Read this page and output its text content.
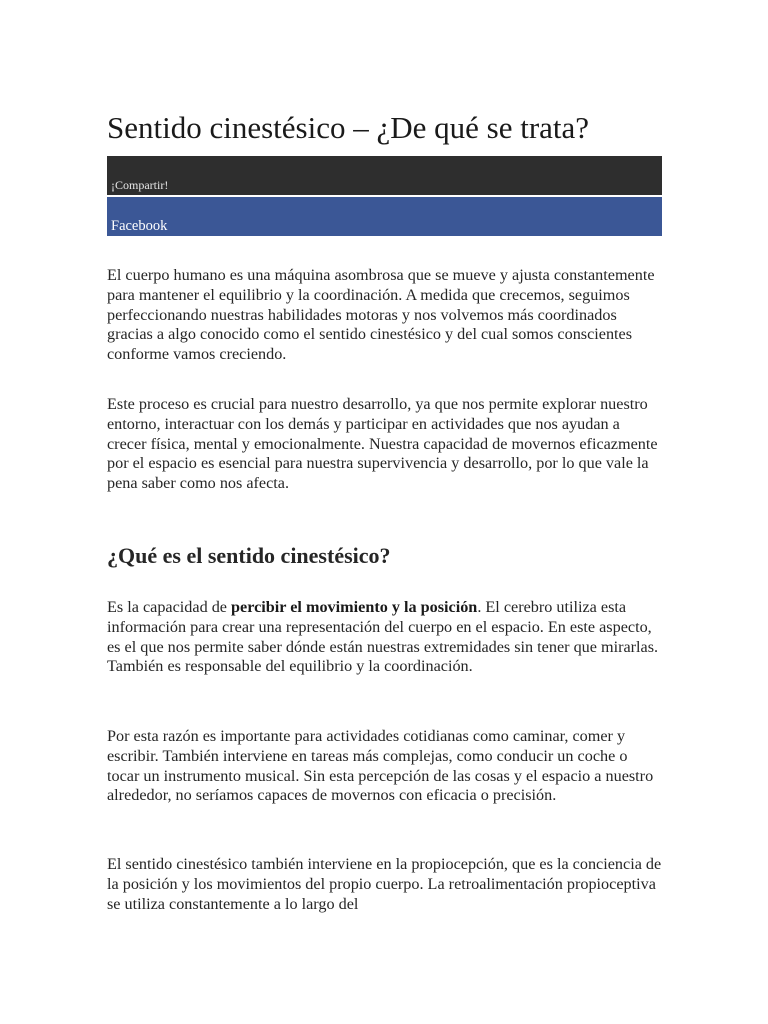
Sentido cinestésico – ¿De qué se trata?
¡Compartir!
Facebook

El cuerpo humano es una máquina asombrosa que se mueve y ajusta constantemente para mantener el equilibrio y la coordinación. A medida que crecemos, seguimos perfeccionando nuestras habilidades motoras y nos volvemos más coordinados gracias a algo conocido como el sentido cinestésico y del cual somos conscientes conforme vamos creciendo.

Este proceso es crucial para nuestro desarrollo, ya que nos permite explorar nuestro entorno, interactuar con los demás y participar en actividades que nos ayudan a crecer física, mental y emocionalmente. Nuestra capacidad de movernos eficazmente por el espacio es esencial para nuestra supervivencia y desarrollo, por lo que vale la pena saber como nos afecta.

¿Qué es el sentido cinestésico?

Es la capacidad de percibir el movimiento y la posición. El cerebro utiliza esta información para crear una representación del cuerpo en el espacio. En este aspecto, es el que nos permite saber dónde están nuestras extremidades sin tener que mirarlas. También es responsable del equilibrio y la coordinación.

Por esta razón es importante para actividades cotidianas como caminar, comer y escribir. También interviene en tareas más complejas, como conducir un coche o tocar un instrumento musical. Sin esta percepción de las cosas y el espacio a nuestro alrededor, no seríamos capaces de movernos con eficacia o precisión.

El sentido cinestésico también interviene en la propiocepción, que es la conciencia de la posición y los movimientos del propio cuerpo. La retroalimentación propioceptiva se utiliza constantemente a lo largo del
